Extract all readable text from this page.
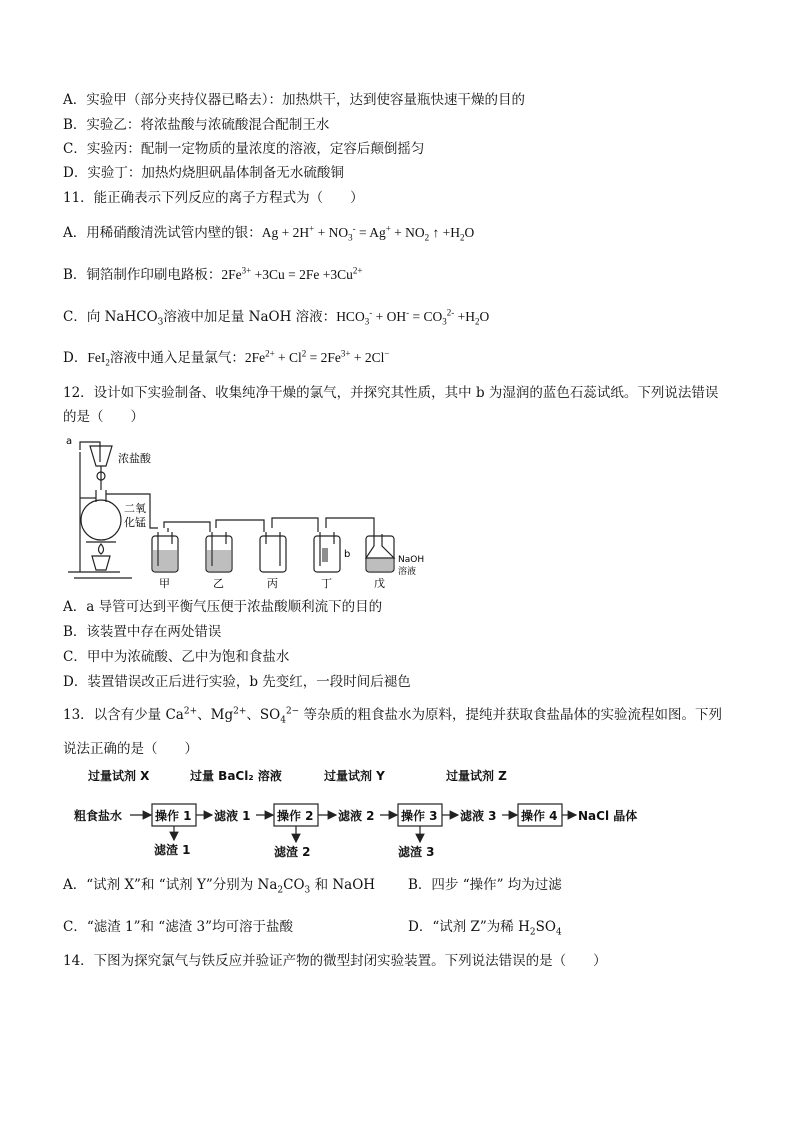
A．实验甲（部分夹持仪器已略去）：加热烘干，达到使容量瓶快速干燥的目的
B．实验乙：将浓盐酸与浓硫酸混合配制王水
C．实验丙：配制一定物质的量浓度的溶液，定容后颠倒摇匀
D．实验丁：加热灼烧胆矾晶体制备无水硫酸铜
11．能正确表示下列反应的离子方程式为（　　）
A．用稀硝酸清洗试管内壁的银：$Ag + 2H^+ + NO_3^- = Ag^+ + NO_2$ ↑ $+H_2O$
B．铜箔制作印刷电路板：$2Fe^{3+} +3Cu = 2Fe +3Cu^{2+}$
C．向 NaHCO$_3$溶液中加足量 NaOH 溶液：$HCO_3^- + OH^- = CO_3^{2-} +H_2O$
D．FeI$_2$溶液中通入足量氯气：$2Fe^{2+} + Cl^2 = 2Fe^{3+} + 2Cl^-$
12．设计如下实验制备、收集纯净干燥的氯气，并探究其性质，其中 b 为湿润的蓝色石蕊试纸。下列说法错误
的是（　　）
a
浓盐酸
二氧
化锰
b	NaOH
溶液
甲	乙	丙	丁	戊
A．a 导管可达到平衡气压便于浓盐酸顺利流下的目的
B．该装置中存在两处错误
C．甲中为浓硫酸、乙中为饱和食盐水
D．装置错误改正后进行实验，b 先变红，一段时间后褪色
13．以含有少量 $Ca^{2+}$、$Mg^{2+}$、$SO_4^{2-}$ 等杂质的粗食盐水为原料，提纯并获取食盐晶体的实验流程如图。下列
说法正确的是（　　）
过量试剂 X	过量 BaCl₂ 溶液	过量试剂 Y	过量试剂 Z
粗食盐水	滤液 1	滤液 2	滤液 3	NaCl 晶体
滤渣 1	滤渣 2	滤渣 3
操作 1	操作 2	操作 3	操作 4
A．“试剂 X”和 “试剂 Y”分别为 $Na_2CO_3$ 和 NaOH B．四步 “操作” 均为过滤
C．“滤渣 1”和 “滤渣 3”均可溶于盐酸	D．“试剂 Z”为稀 $H_2SO_4$
14．下图为探究氯气与铁反应并验证产物的微型封闭实验装置。下列说法错误的是（　　）
